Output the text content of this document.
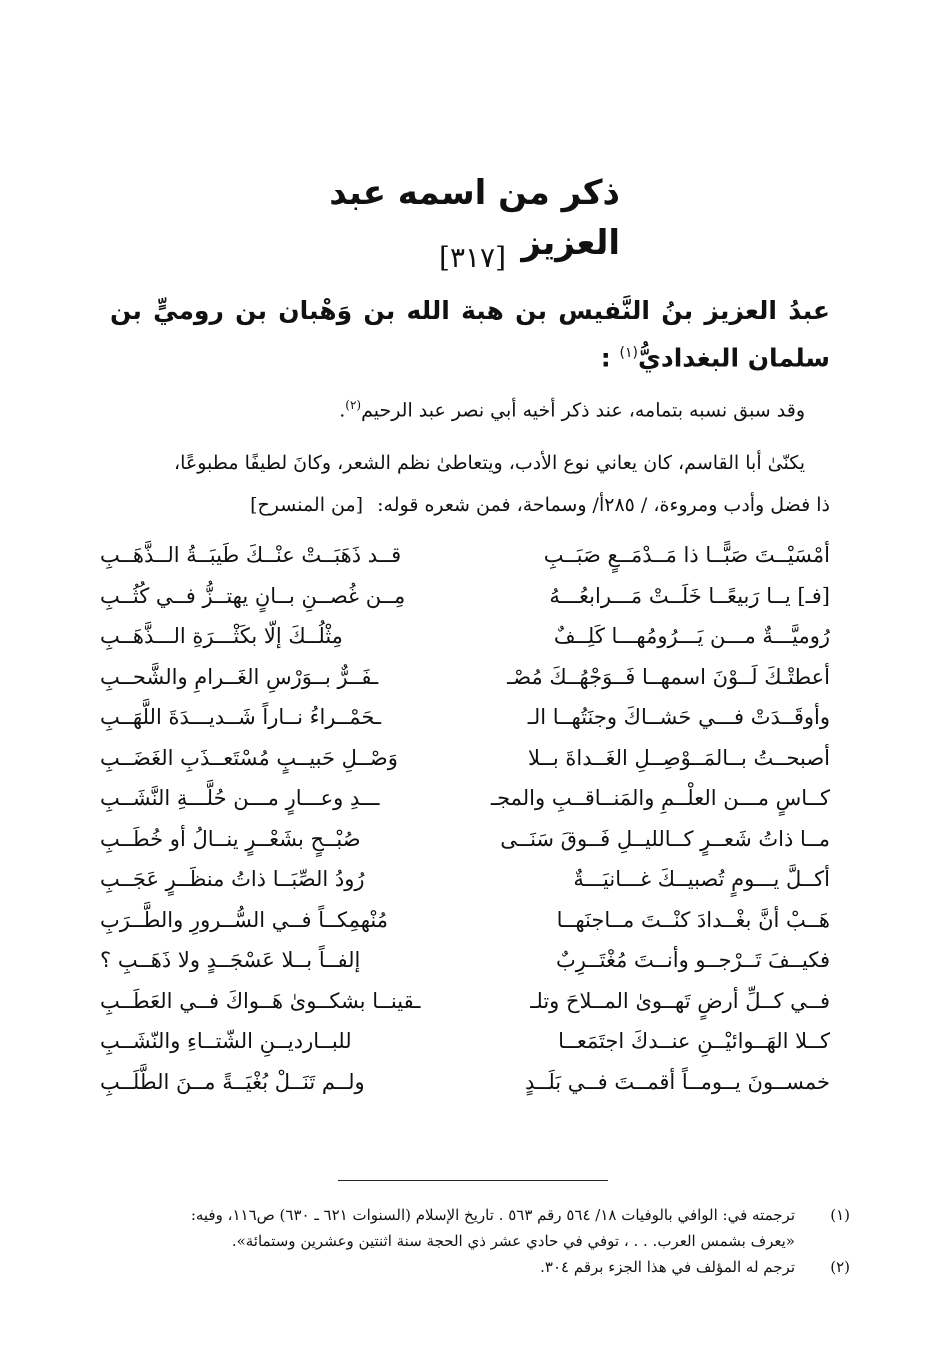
ذكر من اسمه عبد العزيز
[٣١٧]
عبدُ العزيز بنُ النَّفيس بن هبة الله بن وَهْبان بن روميٍّ بن سلمان البغداديُّ$^{(١)}$ :
وقد سبق نسبه بتمامه، عند ذكر أخيه أبي نصر عبد الرحيم$^{(٢)}$.
يكنّىٰ أبا القاسم، كان يعاني نوع الأدب، ويتعاطىٰ نظم الشعر، وكانَ لطيفًا مطبوعًا،
ذا فضل وأدب ومروءة، / ٢٨٥أ/ وسماحة، فمن شعره قوله: [من المنسرح]
أمْسَيْــتَ صَبًّــا ذا مَــدْمَــعٍ صَبَــبِ
قــد ذَهَبَــتْ عنْــكَ طَيبَــةُ الــذَّهَــبِ
[فـ] يــا رَبيعًــا خَلَــتْ مَـــرابعُـــهُ
مِــن غُصــنِ بــانٍ يهتــزُّ فــي كُثُــبِ
رُوميَّـــةٌ مـــن يَـــرُومُهـــا كَلِــفٌ
مِثْلُــكَ إلّا بكَثْـــرَةِ الـــذَّهَــبِ
أعطتْـكَ لَــوْنَ اسمهــا فَــوَجْهُــكَ مُصْـ
ـفَــرٌّ بــوَرْسِ الغَــرامِ والشَّحــبِ
وأوقَــدَتْ فـــي حَشــاكَ وجنَتُهــا الـ
ـحَمْــراءُ نــاراً شَــديـــدَةَ اللَّهَــبِ
أصبحــتُ بــالمَــوْصِــلِ الغَــداةَ بــلا
وَصْــلِ حَبيــبٍ مُسْتَعــذَبِ الغَضَــبِ
كــاسٍ مـــن العلْــمِ والمَنــاقــبِ والمجـ
ـــدِ وعـــارٍ مـــن حُلَّـــةِ النَّشَــبِ
مــا ذاتُ شَعــرٍ كــالليــلِ فَــوقَ سَنَــى
صُبْــحٍ بشَعْــرٍ ينــالُ أو خُطَــبِ
أكــلَّ يـــومٍ تُصبيــكَ غـــانيَـــةٌ
رُودُ الصِّبَــا ذاتُ منظَــرٍ عَجَــبِ
هَــبْ أنَّ بغْــدادَ كنْــتَ مــاجنَهــا
مُنْهمِكــاً فــي السُّــرورِ والطَّــرَبِ
فكيــفَ تَــرْجــو وأنــتَ مُغْتَــرِبٌ
إلفــاً بــلا عَسْجَــدٍ ولا ذَهَــبِ ؟
فــي كــلِّ أرضٍ تَهــوىٰ المــلاحَ وتلـ
ـقينــا بشكــوىٰ هَــواكَ فــي العَطَــبِ
كــلا الهَــوائيْــنِ عنــدكَ اجتَمَعــا
للبــارديــنِ الشّتــاءِ والنّشَــبِ
خمســونَ يــومــاً أقمــتَ فــي بَلَــدٍ
ولــم تَنَــلْ بُغْيَــةً مــنَ الطَّلَــبِ
(١)
ترجمته في: الوافي بالوفيات ١٨/ ٥٦٤ رقم ٥٦٣ . تاريخ الإسلام (السنوات ٦٢١ ـ ٦٣٠) ص١١٦، وفيه:
«يعرف بشمس العرب. . . ، توفي في حادي عشر ذي الحجة سنة اثنتين وعشرين وستمائة».
(٢)
ترجم له المؤلف في هذا الجزء برقم ٣٠٤.
